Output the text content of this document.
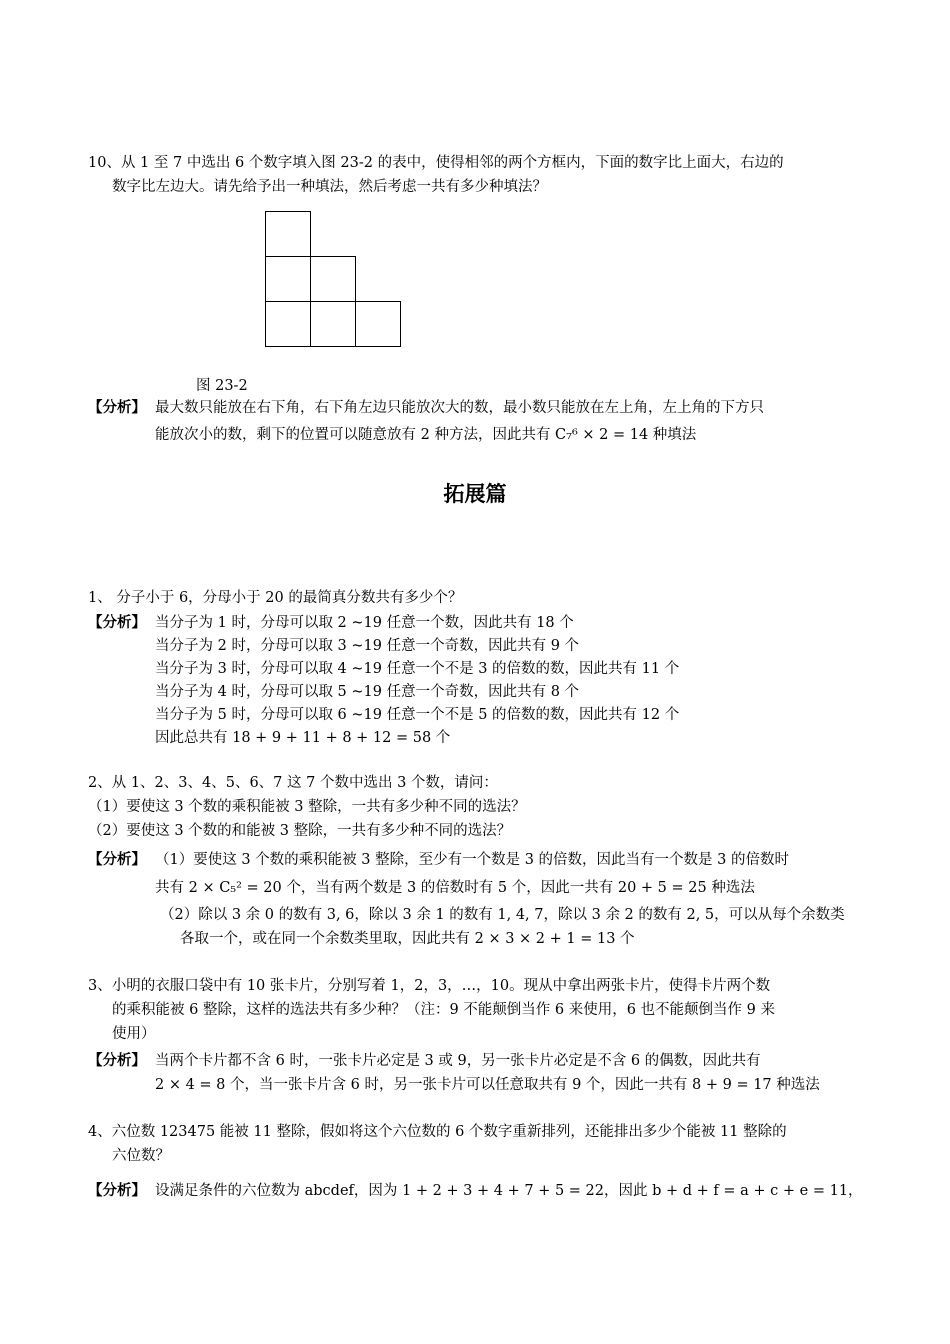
10、从 1 至 7 中选出 6 个数字填入图 23-2 的表中，使得相邻的两个方框内，下面的数字比上面大，右边的
数字比左边大。请先给予出一种填法，然后考虑一共有多少种填法？
图 23-2
【分析】 最大数只能放在右下角，右下角左边只能放次大的数，最小数只能放在左上角，左上角的下方只
能放次小的数，剩下的位置可以随意放有 2 种方法，因此共有 C₇⁶ × 2 = 14 种填法
拓展篇
1、 分子小于 6，分母小于 20 的最简真分数共有多少个？
【分析】 当分子为 1 时，分母可以取 2 ~19 任意一个数，因此共有 18 个
当分子为 2 时，分母可以取 3 ~19 任意一个奇数，因此共有 9 个
当分子为 3 时，分母可以取 4 ~19 任意一个不是 3 的倍数的数，因此共有 11 个
当分子为 4 时，分母可以取 5 ~19 任意一个奇数，因此共有 8 个
当分子为 5 时，分母可以取 6 ~19 任意一个不是 5 的倍数的数，因此共有 12 个
因此总共有 18 + 9 + 11 + 8 + 12 = 58 个
2、从 1、2、3、4、5、6、7 这 7 个数中选出 3 个数，请问：
（1）要使这 3 个数的乘积能被 3 整除，一共有多少种不同的选法？
（2）要使这 3 个数的和能被 3 整除，一共有多少种不同的选法？
【分析】 （1）要使这 3 个数的乘积能被 3 整除，至少有一个数是 3 的倍数，因此当有一个数是 3 的倍数时
共有 2 × C₅² = 20 个，当有两个数是 3 的倍数时有 5 个，因此一共有 20 + 5 = 25 种选法
（2）除以 3 余 0 的数有 3, 6，除以 3 余 1 的数有 1, 4, 7，除以 3 余 2 的数有 2, 5，可以从每个余数类
各取一个，或在同一个余数类里取，因此共有 2 × 3 × 2 + 1 = 13 个
3、小明的衣服口袋中有 10 张卡片，分别写着 1，2，3，…，10。现从中拿出两张卡片，使得卡片两个数
的乘积能被 6 整除，这样的选法共有多少种？（注：9 不能颠倒当作 6 来使用，6 也不能颠倒当作 9 来
使用）
【分析】 当两个卡片都不含 6 时，一张卡片必定是 3 或 9，另一张卡片必定是不含 6 的偶数，因此共有
2 × 4 = 8 个，当一张卡片含 6 时，另一张卡片可以任意取共有 9 个，因此一共有 8 + 9 = 17 种选法
4、六位数 123475 能被 11 整除，假如将这个六位数的 6 个数字重新排列，还能排出多少个能被 11 整除的
六位数？
【分析】 设满足条件的六位数为 abcdef，因为 1 + 2 + 3 + 4 + 7 + 5 = 22，因此 b + d + f = a + c + e = 11，
